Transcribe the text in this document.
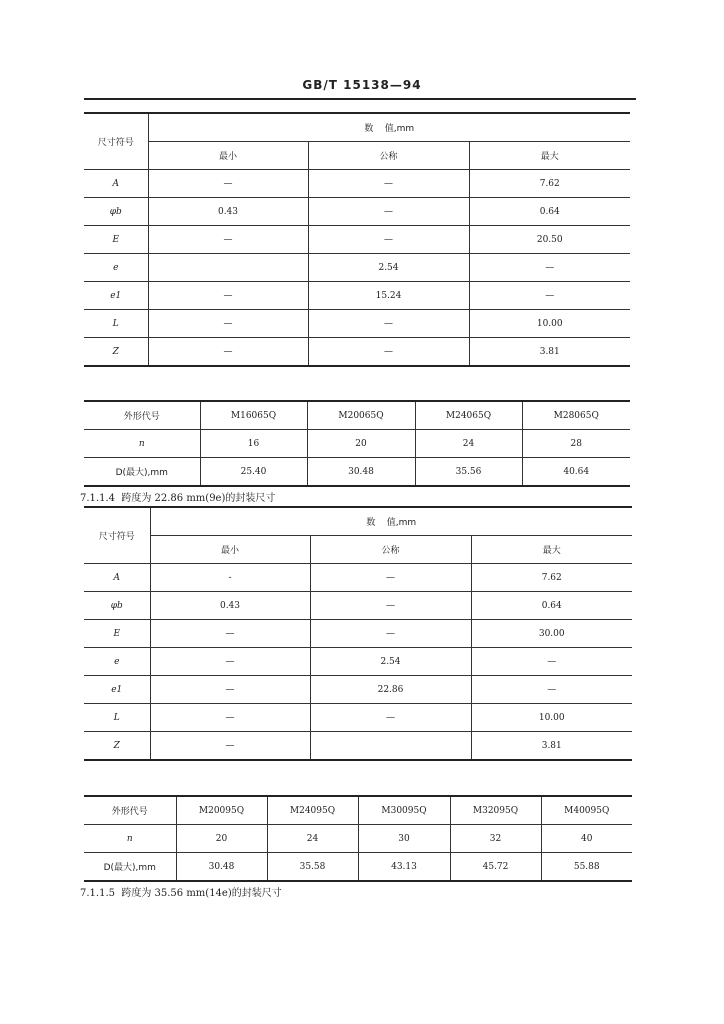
GB/T 15138—94
尺寸符号	数    值,mm		
	最小	公称	最大
A	—	—	7.62
φb	0.43	—	0.64
E	—	—	20.50
e		2.54	—
e1	—	15.24	—
L	—	—	10.00
Z	—	—	3.81
外形代号	M16065Q	M20065Q	M24065Q	M28065Q
n	16	20	24	28
D(最大),mm	25.40	30.48	35.56	40.64
7.1.1.4  跨度为 22.86 mm(9e)的封装尺寸
尺寸符号	数    值,mm		
	最小	公称	最大
A	-	—	7.62
φb	0.43	—	0.64
E	—	—	30.00
e	—	2.54	—
e1	—	22.86	—
L	—	—	10.00
Z	—		3.81
外形代号	M20095Q	M24095Q	M30095Q	M32095Q	M40095Q
n	20	24	30	32	40
D(最大),mm	30.48	35.58	43.13	45.72	55.88
7.1.1.5  跨度为 35.56 mm(14e)的封装尺寸
